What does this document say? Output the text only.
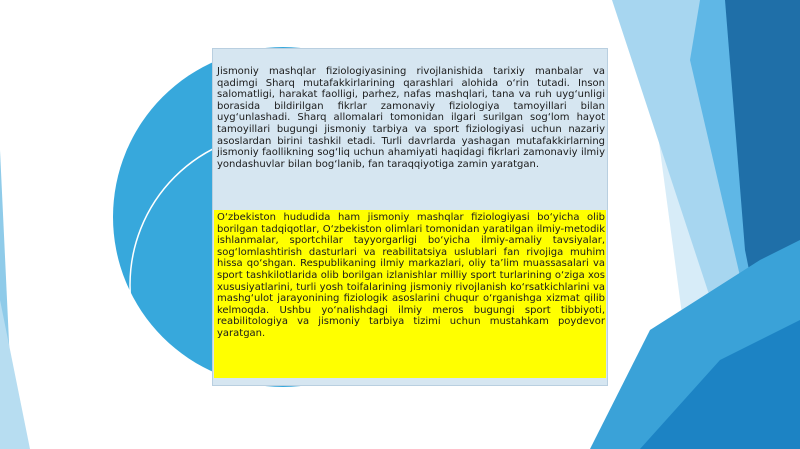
Jismoniy mashqlar fiziologiyasining rivojlanishida tarixiy manbalar va qadimgi Sharq mutafakkirlarining qarashlari alohida o‘rin tutadi. Inson salomatligi, harakat faolligi, parhez, nafas mashqlari, tana va ruh uyg‘unligi borasida bildirilgan fikrlar zamonaviy fiziologiya tamoyillari bilan uyg‘unlashadi. Sharq allomalari tomonidan ilgari surilgan sog‘lom hayot tamoyillari bugungi jismoniy tarbiya va sport fiziologiyasi uchun nazariy asoslardan birini tashkil etadi. Turli davrlarda yashagan mutafakkirlarning jismoniy faollikning sog‘liq uchun ahamiyati haqidagi fikrlari zamonaviy ilmiy yondashuvlar bilan bog‘lanib, fan taraqqiyotiga zamin yaratgan.

O‘zbekiston hududida ham jismoniy mashqlar fiziologiyasi bo‘yicha olib borilgan tadqiqotlar, O‘zbekiston olimlari tomonidan yaratilgan ilmiy-metodik ishlanmalar, sportchilar tayyorgarligi bo‘yicha ilmiy-amaliy tavsiyalar, sog‘lomlashtirish dasturlari va reabilitatsiya uslublari fan rivojiga muhim hissa qo‘shgan. Respublikaning ilmiy markazlari, oliy ta’lim muassasalari va sport tashkilotlarida olib borilgan izlanishlar milliy sport turlarining o‘ziga xos xususiyatlarini, turli yosh toifalarining jismoniy rivojlanish ko‘rsatkichlarini va mashg‘ulot jarayonining fiziologik asoslarini chuqur o‘rganishga xizmat qilib kelmoqda. Ushbu yo‘nalishdagi ilmiy meros bugungi sport tibbiyoti, reabilitologiya va jismoniy tarbiya tizimi uchun mustahkam poydevor yaratgan.
